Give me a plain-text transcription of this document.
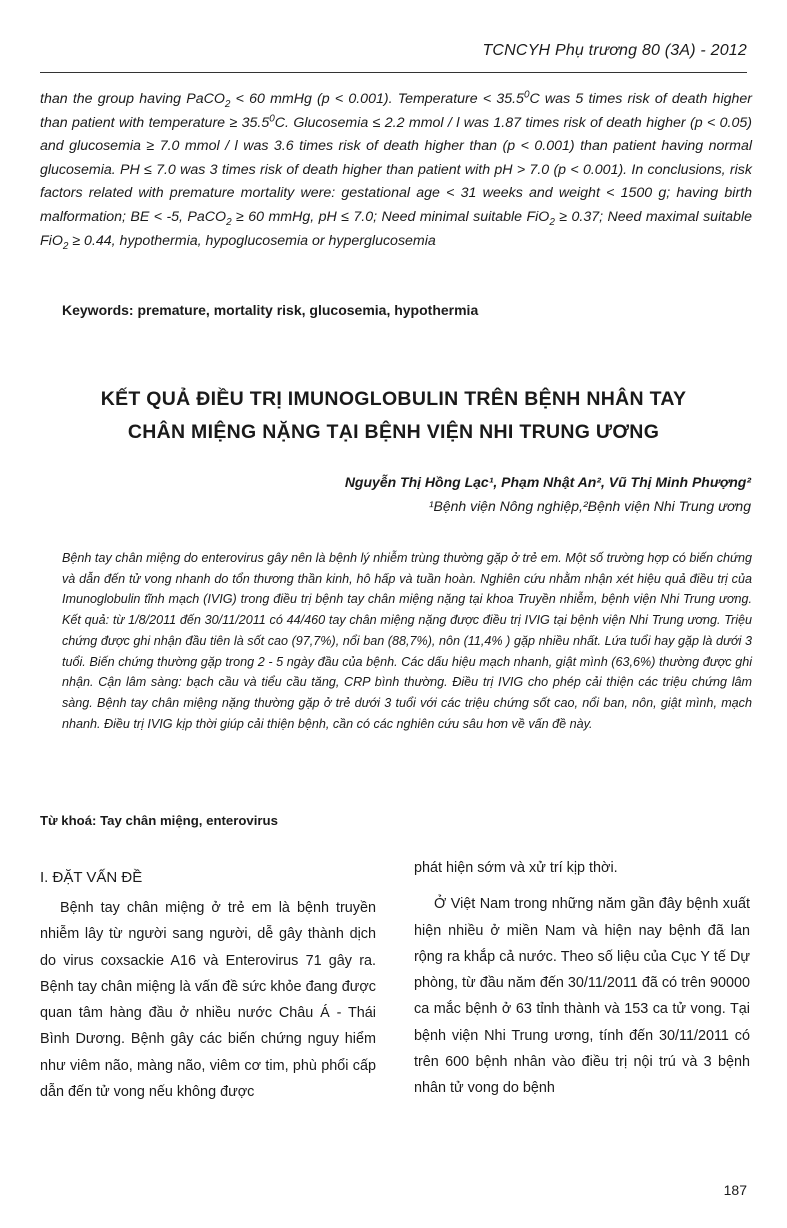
TCNCYH Phụ trương 80 (3A) - 2012
than the group having PaCO$_2$ < 60 mmHg (p < 0.001). Temperature < $35.5^0C$ was 5 times risk of death higher than patient with temperature ≥ $35.5^0C$. Glucosemia ≤ 2.2 mmol / l was 1.87 times risk of death higher (p < 0.05) and glucosemia ≥ 7.0 mmol / l was 3.6 times risk of death higher than (p < 0.001) than patient having normal glucosemia. PH ≤ 7.0 was 3 times risk of death higher than patient with pH > 7.0 (p < 0.001). In conclusions, risk factors related with premature mortality were: gestational age < 31 weeks and weight < 1500 g; having birth malformation; BE < -5, PaCO$_2$ ≥ 60 mmHg, pH ≤ 7.0; Need minimal suitable FiO$_2$ ≥ 0.37; Need maximal suitable FiO$_2$ ≥ 0.44, hypothermia, hypoglucosemia or hyperglucosemia
Keywords: premature, mortality risk, glucosemia, hypothermia
KẾT QUẢ ĐIỀU TRỊ IMUNOGLOBULIN TRÊN BỆNH NHÂN TAY
CHÂN MIỆNG NẶNG TẠI BỆNH VIỆN NHI TRUNG ƯƠNG
Nguyễn Thị Hồng Lạc¹, Phạm Nhật An², Vũ Thị Minh Phượng²
¹Bệnh viện Nông nghiệp,²Bệnh viện Nhi Trung ương
Bệnh tay chân miệng do enterovirus gây nên là bệnh lý nhiễm trùng thường gặp ở trẻ em. Một số trường hợp có biến chứng và dẫn đến tử vong nhanh do tổn thương thần kinh, hô hấp và tuần hoàn. Nghiên cứu nhằm nhận xét hiệu quả điều trị của Imunoglobulin tĩnh mạch (IVIG) trong điều trị bệnh tay chân miệng nặng tại khoa Truyền nhiễm, bệnh viện Nhi Trung ương. Kết quả: từ 1/8/2011 đến 30/11/2011 có 44/460 tay chân miệng nặng được điều trị IVIG tại bệnh viện Nhi Trung ương. Triệu chứng được ghi nhận đầu tiên là sốt cao (97,7%), nổi ban (88,7%), nôn (11,4% ) gặp nhiều nhất. Lứa tuổi hay gặp là dưới 3 tuổi. Biến chứng thường gặp trong 2 - 5 ngày đầu của bệnh. Các dấu hiệu mạch nhanh, giật mình (63,6%) thường được ghi nhận. Cận lâm sàng: bạch cầu và tiểu cầu tăng, CRP bình thường. Điều trị IVIG cho phép cải thiện các triệu chứng lâm sàng. Bệnh tay chân miệng nặng thường gặp ở trẻ dưới 3 tuổi với các triệu chứng sốt cao, nổi ban, nôn, giật mình, mạch nhanh. Điều trị IVIG kịp thời giúp cải thiện bệnh, cần có các nghiên cứu sâu hơn về vấn đề này.
Từ khoá: Tay chân miệng, enterovirus
I. ĐẶT VẤN ĐỀ

Bệnh tay chân miệng ở trẻ em là bệnh truyền nhiễm lây từ người sang người, dễ gây thành dịch do virus coxsackie A16 và Enterovirus 71 gây ra. Bệnh tay chân miệng là vấn đề sức khỏe đang được quan tâm hàng đầu ở nhiều nước Châu Á - Thái Bình Dương. Bệnh gây các biến chứng nguy hiểm như viêm não, màng não, viêm cơ tim, phù phổi cấp dẫn đến tử vong nếu không được

phát hiện sớm và xử trí kịp thời.

Ở Việt Nam trong những năm gần đây bệnh xuất hiện nhiều ở miền Nam và hiện nay bệnh đã lan rộng ra khắp cả nước. Theo số liệu của Cục Y tế Dự phòng, từ đầu năm đến 30/11/2011 đã có trên 90000 ca mắc bệnh ở 63 tỉnh thành và 153 ca tử vong. Tại bệnh viện Nhi Trung ương, tính đến 30/11/2011 có trên 600 bệnh nhân vào điều trị nội trú và 3 bệnh nhân tử vong do bệnh

187
